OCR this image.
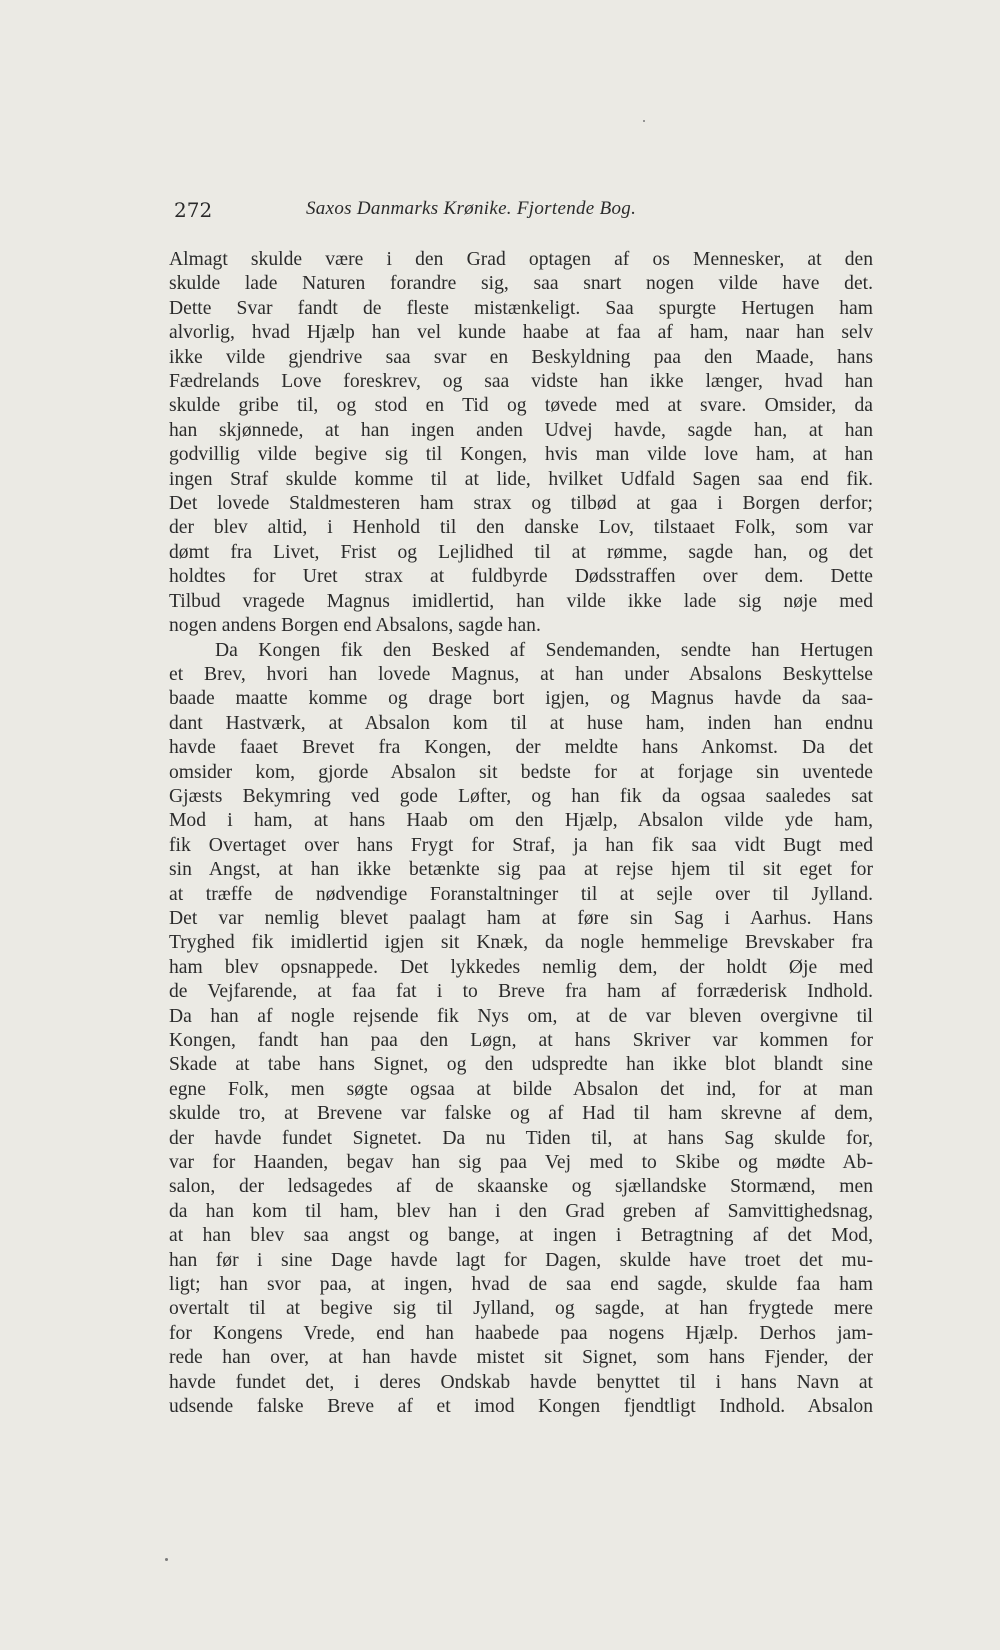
272	Saxos Danmarks Krønike. Fjortende Bog.
Almagt skulde være i den Grad optagen af os Mennesker, at den
skulde lade Naturen forandre sig, saa snart nogen vilde have det.
Dette Svar fandt de fleste mistænkeligt. Saa spurgte Hertugen ham
alvorlig, hvad Hjælp han vel kunde haabe at faa af ham, naar han selv
ikke vilde gjendrive saa svar en Beskyldning paa den Maade, hans
Fædrelands Love foreskrev, og saa vidste han ikke længer, hvad han
skulde gribe til, og stod en Tid og tøvede med at svare. Omsider, da
han skjønnede, at han ingen anden Udvej havde, sagde han, at han
godvillig vilde begive sig til Kongen, hvis man vilde love ham, at han
ingen Straf skulde komme til at lide, hvilket Udfald Sagen saa end fik.
Det lovede Staldmesteren ham strax og tilbød at gaa i Borgen derfor;
der blev altid, i Henhold til den danske Lov, tilstaaet Folk, som var
dømt fra Livet, Frist og Lejlidhed til at rømme, sagde han, og det
holdtes for Uret strax at fuldbyrde Dødsstraffen over dem. Dette
Tilbud vragede Magnus imidlertid, han vilde ikke lade sig nøje med
nogen andens Borgen end Absalons, sagde han.
Da Kongen fik den Besked af Sendemanden, sendte han Hertugen
et Brev, hvori han lovede Magnus, at han under Absalons Beskyttelse
baade maatte komme og drage bort igjen, og Magnus havde da saa-
dant Hastværk, at Absalon kom til at huse ham, inden han endnu
havde faaet Brevet fra Kongen, der meldte hans Ankomst. Da det
omsider kom, gjorde Absalon sit bedste for at forjage sin uventede
Gjæsts Bekymring ved gode Løfter, og han fik da ogsaa saaledes sat
Mod i ham, at hans Haab om den Hjælp, Absalon vilde yde ham,
fik Overtaget over hans Frygt for Straf, ja han fik saa vidt Bugt med
sin Angst, at han ikke betænkte sig paa at rejse hjem til sit eget for
at træffe de nødvendige Foranstaltninger til at sejle over til Jylland.
Det var nemlig blevet paalagt ham at føre sin Sag i Aarhus. Hans
Tryghed fik imidlertid igjen sit Knæk, da nogle hemmelige Brevskaber fra
ham blev opsnappede. Det lykkedes nemlig dem, der holdt Øje med
de Vejfarende, at faa fat i to Breve fra ham af forræderisk Indhold.
Da han af nogle rejsende fik Nys om, at de var bleven overgivne til
Kongen, fandt han paa den Løgn, at hans Skriver var kommen for
Skade at tabe hans Signet, og den udspredte han ikke blot blandt sine
egne Folk, men søgte ogsaa at bilde Absalon det ind, for at man
skulde tro, at Brevene var falske og af Had til ham skrevne af dem,
der havde fundet Signetet. Da nu Tiden til, at hans Sag skulde for,
var for Haanden, begav han sig paa Vej med to Skibe og mødte Ab-
salon, der ledsagedes af de skaanske og sjællandske Stormænd, men
da han kom til ham, blev han i den Grad greben af Samvittighedsnag,
at han blev saa angst og bange, at ingen i Betragtning af det Mod,
han før i sine Dage havde lagt for Dagen, skulde have troet det mu-
ligt; han svor paa, at ingen, hvad de saa end sagde, skulde faa ham
overtalt til at begive sig til Jylland, og sagde, at han frygtede mere
for Kongens Vrede, end han haabede paa nogens Hjælp. Derhos jam-
rede han over, at han havde mistet sit Signet, som hans Fjender, der
havde fundet det, i deres Ondskab havde benyttet til i hans Navn at
udsende falske Breve af et imod Kongen fjendtligt Indhold. Absalon
